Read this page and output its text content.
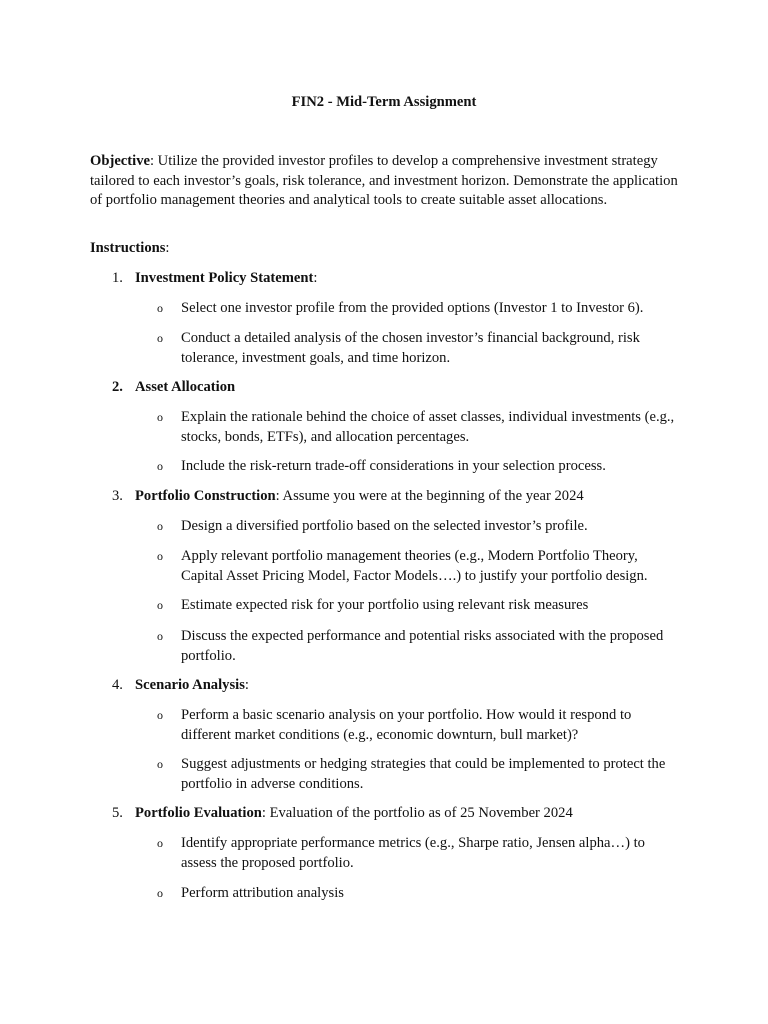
FIN2 - Mid-Term Assignment

Objective: Utilize the provided investor profiles to develop a comprehensive investment strategy tailored to each investor’s goals, risk tolerance, and investment horizon. Demonstrate the application of portfolio management theories and analytical tools to create suitable asset allocations.

Instructions:

1. Investment Policy Statement:
o Select one investor profile from the provided options (Investor 1 to Investor 6).
o Conduct a detailed analysis of the chosen investor’s financial background, risk tolerance, investment goals, and time horizon.
2. Asset Allocation
o Explain the rationale behind the choice of asset classes, individual investments (e.g., stocks, bonds, ETFs), and allocation percentages.
o Include the risk-return trade-off considerations in your selection process.
3. Portfolio Construction: Assume you were at the beginning of the year 2024
o Design a diversified portfolio based on the selected investor’s profile.
o Apply relevant portfolio management theories (e.g., Modern Portfolio Theory, Capital Asset Pricing Model, Factor Models….) to justify your portfolio design.
o Estimate expected risk for your portfolio using relevant risk measures
o Discuss the expected performance and potential risks associated with the proposed portfolio.
4. Scenario Analysis:
o Perform a basic scenario analysis on your portfolio. How would it respond to different market conditions (e.g., economic downturn, bull market)?
o Suggest adjustments or hedging strategies that could be implemented to protect the portfolio in adverse conditions.
5. Portfolio Evaluation: Evaluation of the portfolio as of 25 November 2024
o Identify appropriate performance metrics (e.g., Sharpe ratio, Jensen alpha…) to assess the proposed portfolio.
o Perform attribution analysis
